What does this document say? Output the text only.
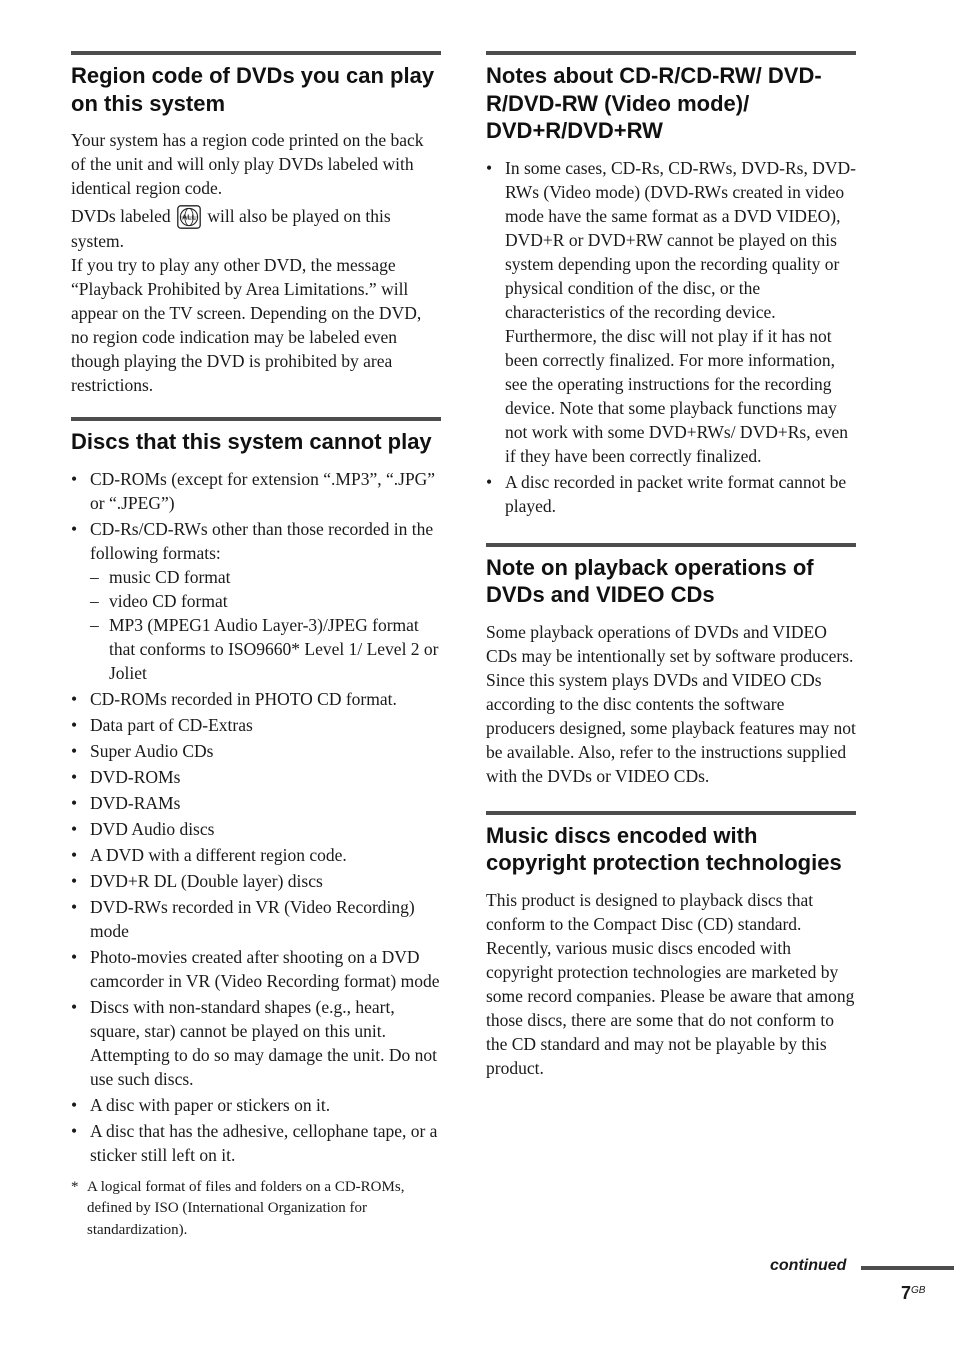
Region code of DVDs you can play on this system

Your system has a region code printed on the back of the unit and will only play DVDs labeled with identical region code.

DVDs labeled ALL will also be played on this system.

If you try to play any other DVD, the message “Playback Prohibited by Area Limitations.” will appear on the TV screen. Depending on the DVD, no region code indication may be labeled even though playing the DVD is prohibited by area restrictions.

Discs that this system cannot play
• CD-ROMs (except for extension “.MP3”, “.JPG” or “.JPEG”)
• CD-Rs/CD-RWs other than those recorded in the following formats:
– music CD format
– video CD format
– MP3 (MPEG1 Audio Layer-3)/JPEG format that conforms to ISO9660* Level 1/ Level 2 or Joliet
• CD-ROMs recorded in PHOTO CD format.
• Data part of CD-Extras
• Super Audio CDs
• DVD-ROMs
• DVD-RAMs
• DVD Audio discs
• A DVD with a different region code.
• DVD+R DL (Double layer) discs
• DVD-RWs recorded in VR (Video Recording) mode
• Photo-movies created after shooting on a DVD camcorder in VR (Video Recording format) mode
• Discs with non-standard shapes (e.g., heart, square, star) cannot be played on this unit. Attempting to do so may damage the unit. Do not use such discs.
• A disc with paper or stickers on it.
• A disc that has the adhesive, cellophane tape, or a sticker still left on it.
* A logical format of files and folders on a CD-ROMs, defined by ISO (International Organization for standardization).
Notes about CD-R/CD-RW/ DVD-R/DVD-RW (Video mode)/ DVD+R/DVD+RW
• In some cases, CD-Rs, CD-RWs, DVD-Rs, DVD-RWs (Video mode) (DVD-RWs created in video mode have the same format as a DVD VIDEO), DVD+R or DVD+RW cannot be played on this system depending upon the recording quality or physical condition of the disc, or the characteristics of the recording device. Furthermore, the disc will not play if it has not been correctly finalized. For more information, see the operating instructions for the recording device. Note that some playback functions may not work with some DVD+RWs/ DVD+Rs, even if they have been correctly finalized.
• A disc recorded in packet write format cannot be played.
Note on playback operations of DVDs and VIDEO CDs

Some playback operations of DVDs and VIDEO CDs may be intentionally set by software producers. Since this system plays DVDs and VIDEO CDs according to the disc contents the software producers designed, some playback features may not be available. Also, refer to the instructions supplied with the DVDs or VIDEO CDs.

Music discs encoded with copyright protection technologies

This product is designed to playback discs that conform to the Compact Disc (CD) standard. Recently, various music discs encoded with copyright protection technologies are marketed by some record companies. Please be aware that among those discs, there are some that do not conform to the CD standard and may not be playable by this product.

continued
$7^{GB}$
